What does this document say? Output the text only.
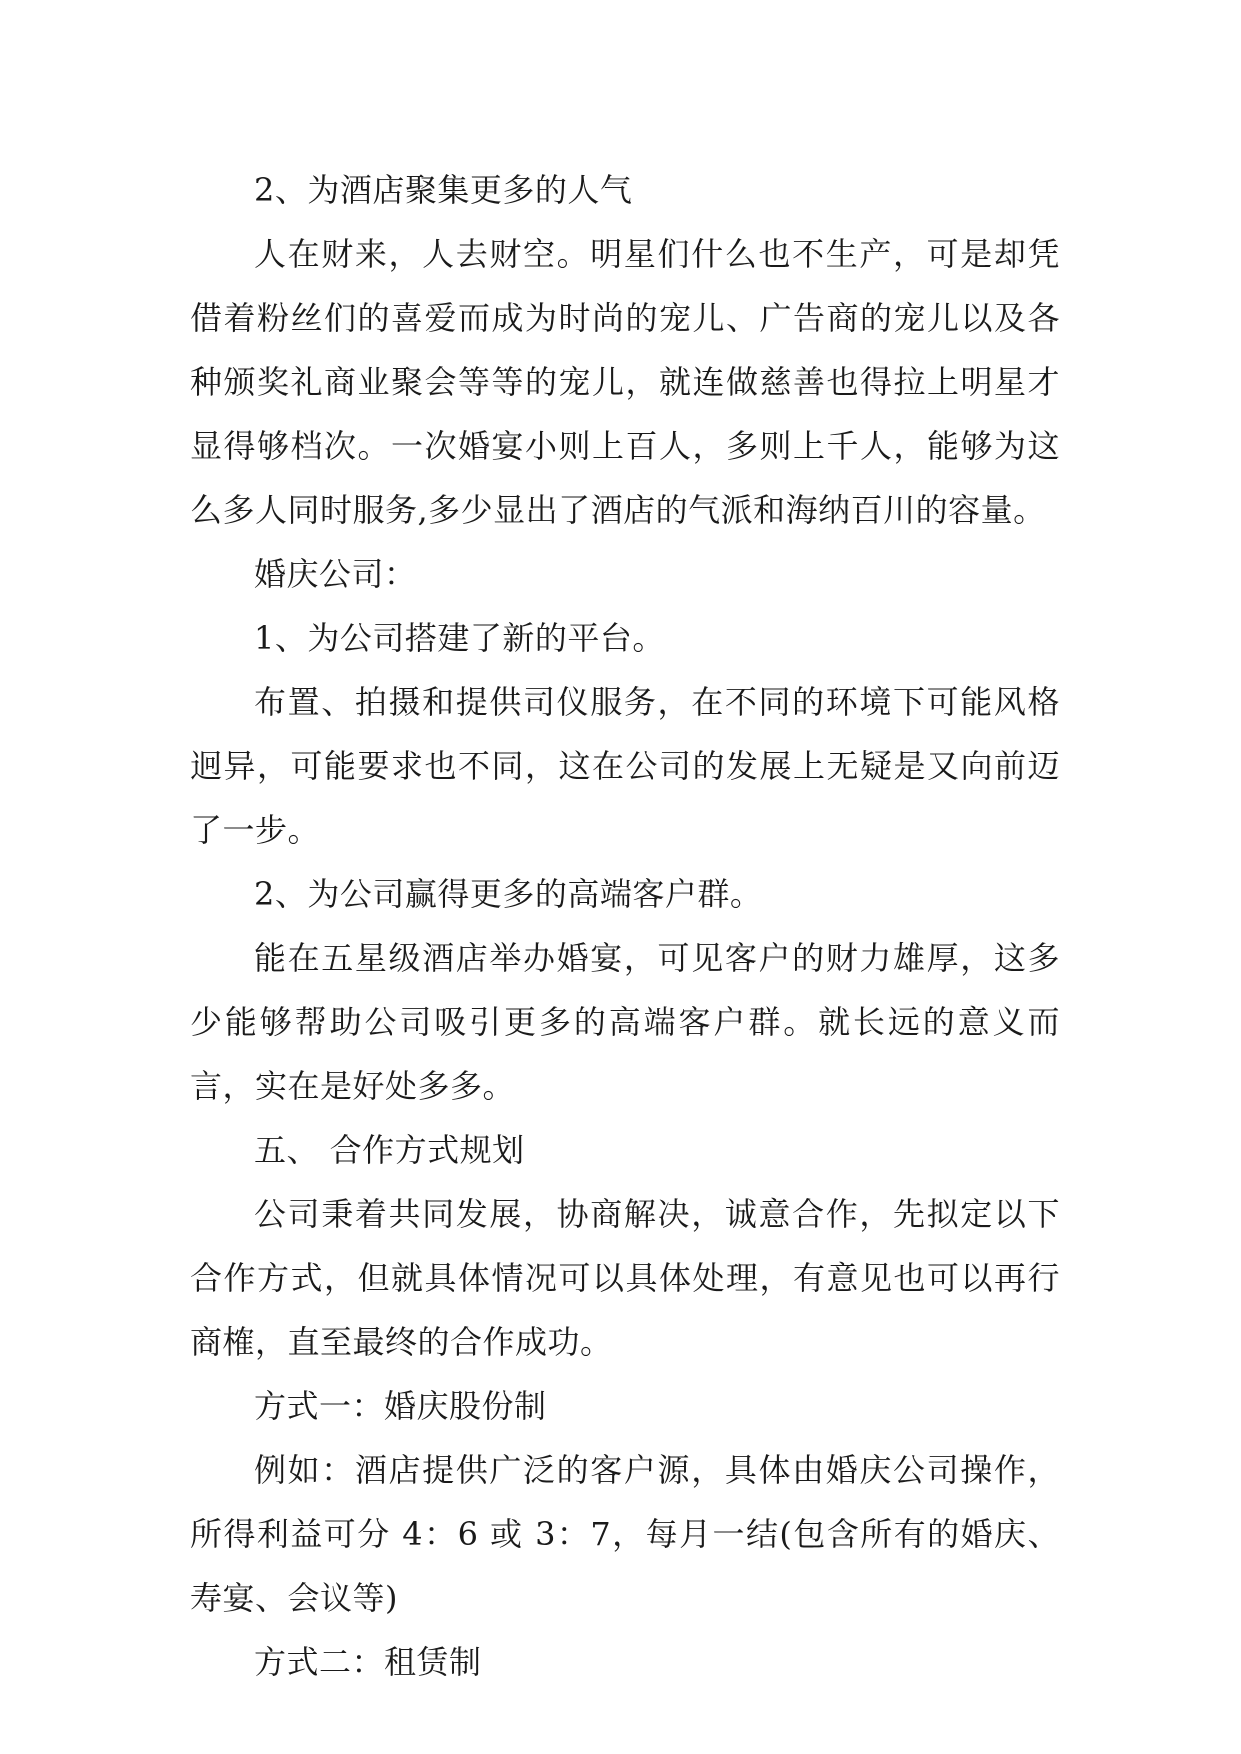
2、为酒店聚集更多的人气

人在财来，人去财空。明星们什么也不生产，可是却凭借着粉丝们的喜爱而成为时尚的宠儿、广告商的宠儿以及各种颁奖礼商业聚会等等的宠儿，就连做慈善也得拉上明星才显得够档次。一次婚宴小则上百人，多则上千人，能够为这么多人同时服务,多少显出了酒店的气派和海纳百川的容量。

婚庆公司：

1、为公司搭建了新的平台。

布置、拍摄和提供司仪服务，在不同的环境下可能风格迥异，可能要求也不同，这在公司的发展上无疑是又向前迈了一步。

2、为公司赢得更多的高端客户群。

能在五星级酒店举办婚宴，可见客户的财力雄厚，这多少能够帮助公司吸引更多的高端客户群。就长远的意义而言，实在是好处多多。

五、 合作方式规划

公司秉着共同发展，协商解决，诚意合作，先拟定以下合作方式，但就具体情况可以具体处理，有意见也可以再行商榷，直至最终的合作成功。

方式一：婚庆股份制

例如：酒店提供广泛的客户源，具体由婚庆公司操作，所得利益可分 4：6 或 3：7，每月一结(包含所有的婚庆、寿宴、会议等)

方式二：租赁制
